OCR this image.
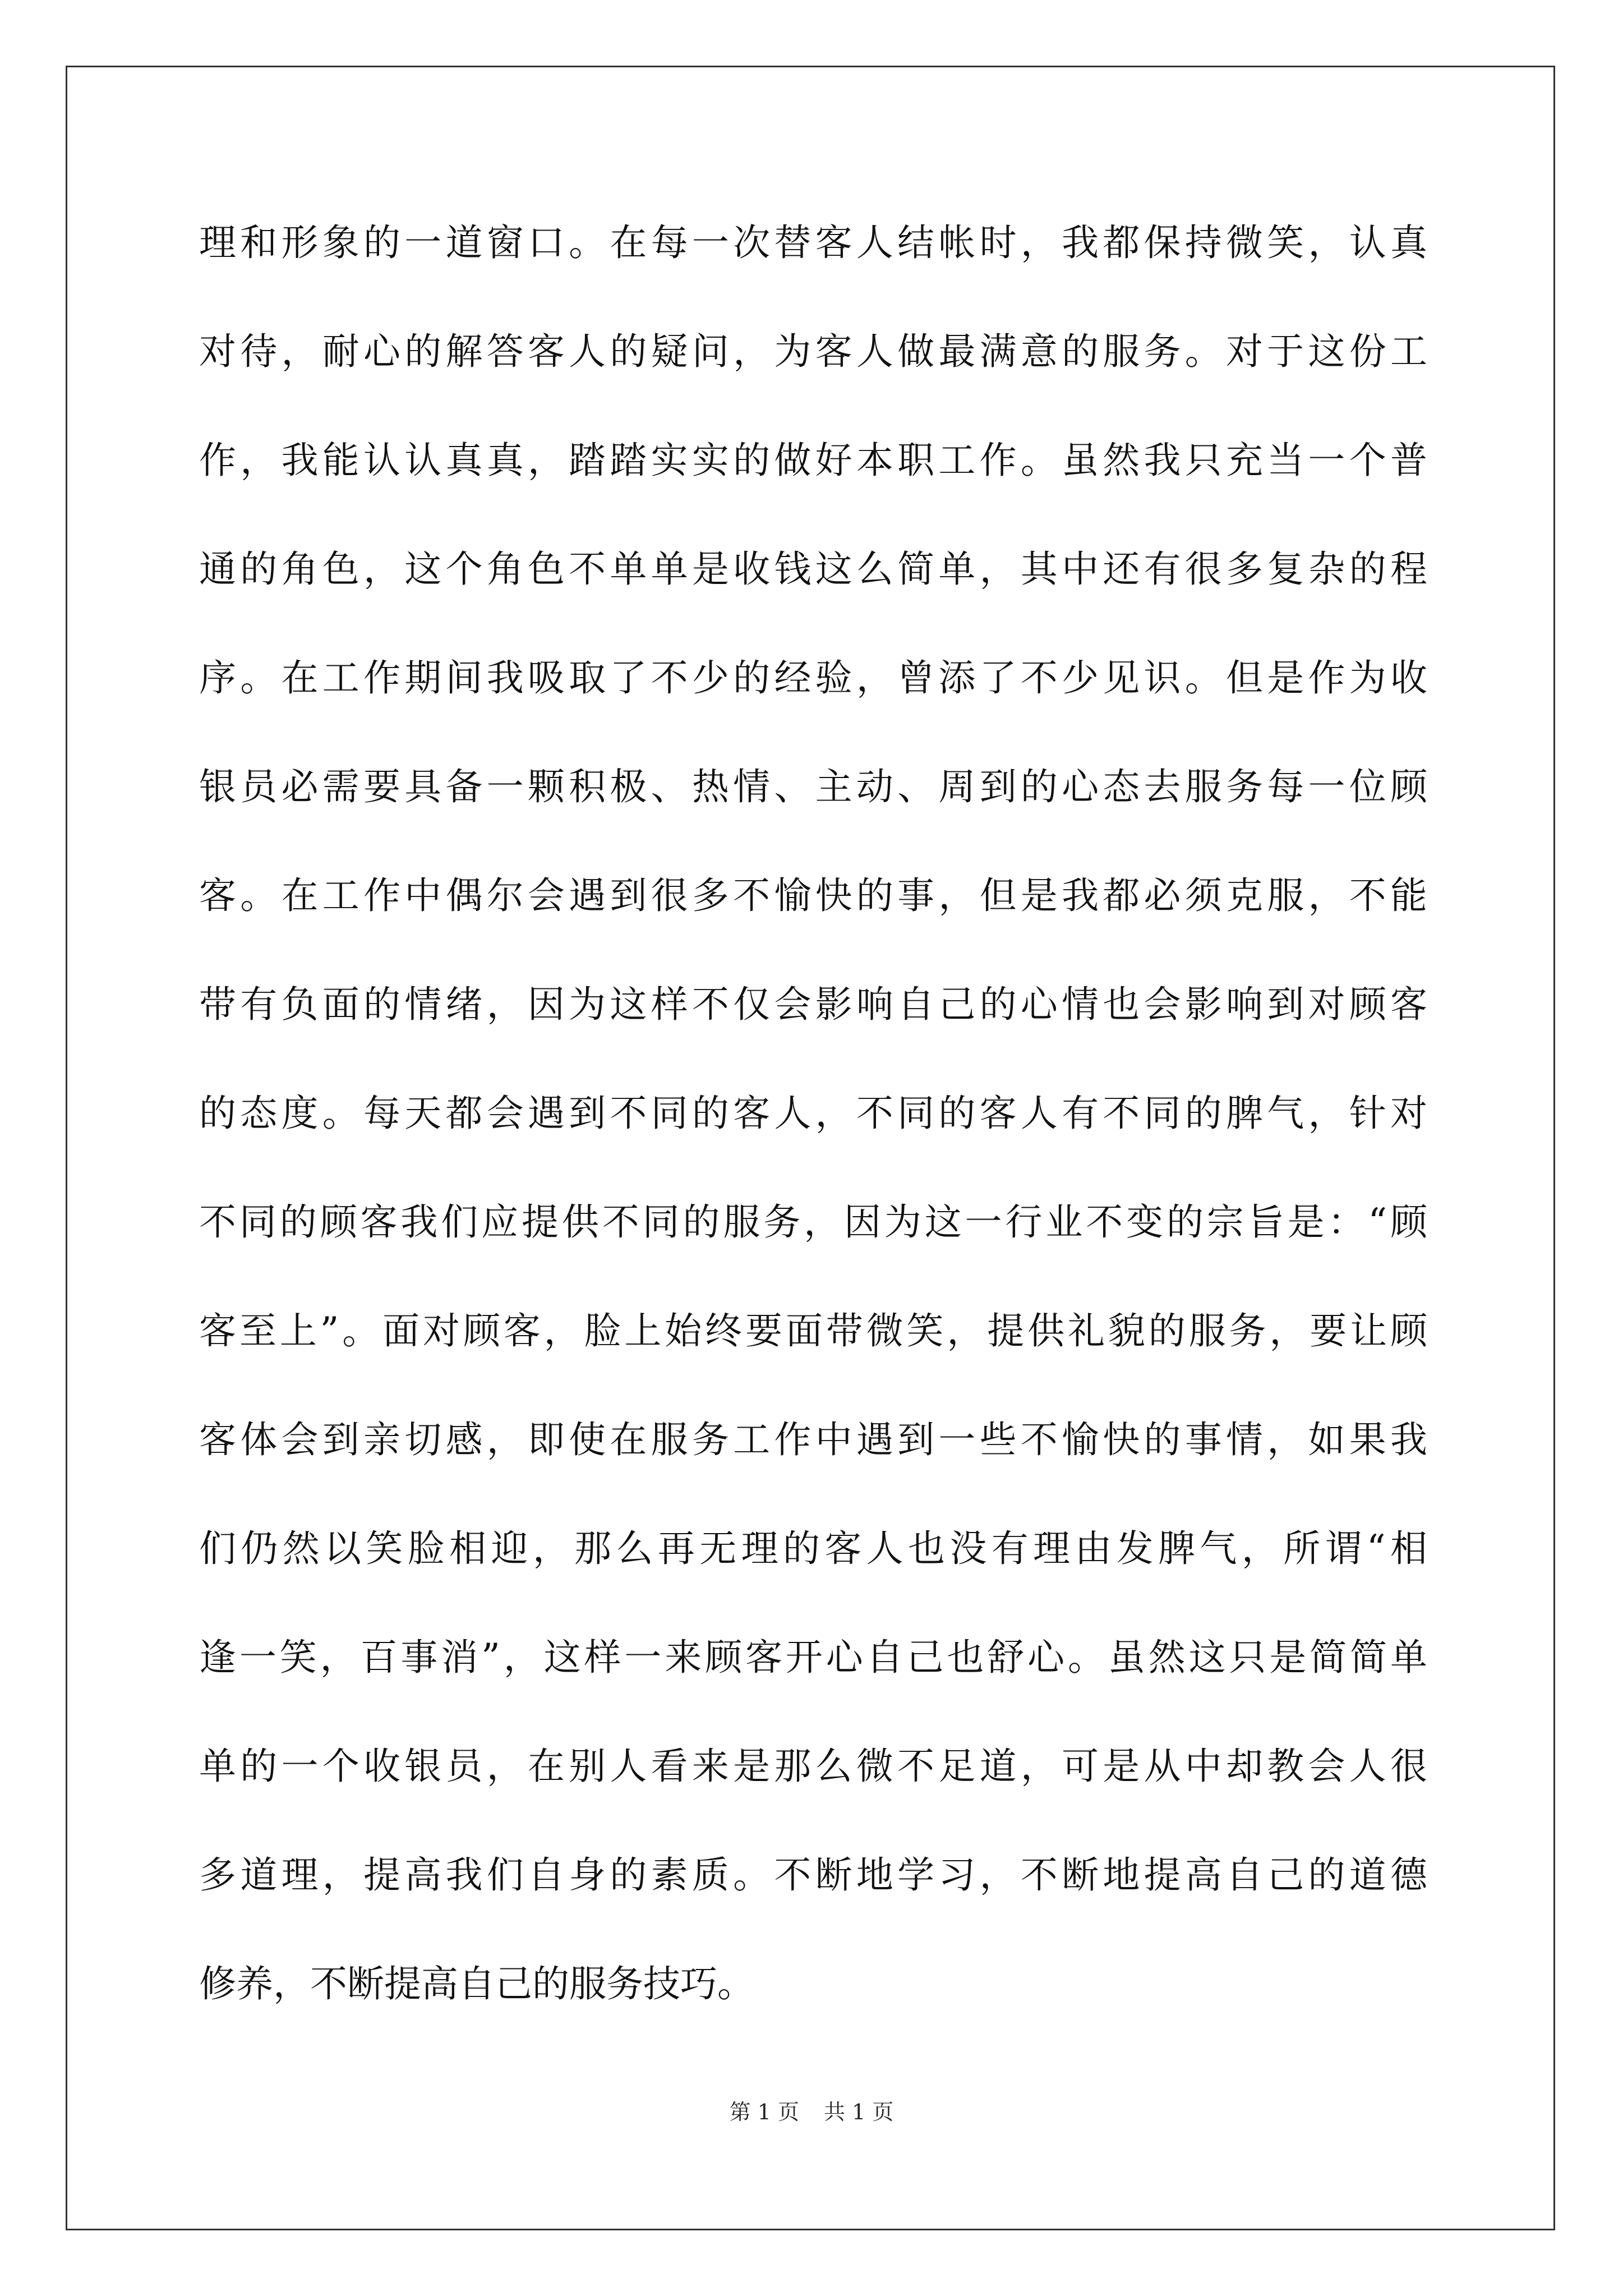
理和形象的一道窗口。在每一次替客人结帐时，我都保持微笑，认真
对待，耐心的解答客人的疑问，为客人做最满意的服务。对于这份工
作，我能认认真真，踏踏实实的做好本职工作。虽然我只充当一个普
通的角色，这个角色不单单是收钱这么简单，其中还有很多复杂的程
序。在工作期间我吸取了不少的经验，曾添了不少见识。但是作为收
银员必需要具备一颗积极、热情、主动、周到的心态去服务每一位顾
客。在工作中偶尔会遇到很多不愉快的事，但是我都必须克服，不能
带有负面的情绪，因为这样不仅会影响自己的心情也会影响到对顾客
的态度。每天都会遇到不同的客人，不同的客人有不同的脾气，针对
不同的顾客我们应提供不同的服务，因为这一行业不变的宗旨是：“顾
客至上”。面对顾客，脸上始终要面带微笑，提供礼貌的服务，要让顾
客体会到亲切感，即使在服务工作中遇到一些不愉快的事情，如果我
们仍然以笑脸相迎，那么再无理的客人也没有理由发脾气，所谓“相
逢一笑，百事消”，这样一来顾客开心自己也舒心。虽然这只是简简单
单的一个收银员，在别人看来是那么微不足道，可是从中却教会人很
多道理，提高我们自身的素质。不断地学习，不断地提高自己的道德
修养，不断提高自己的服务技巧。
第 1 页 共 1 页
